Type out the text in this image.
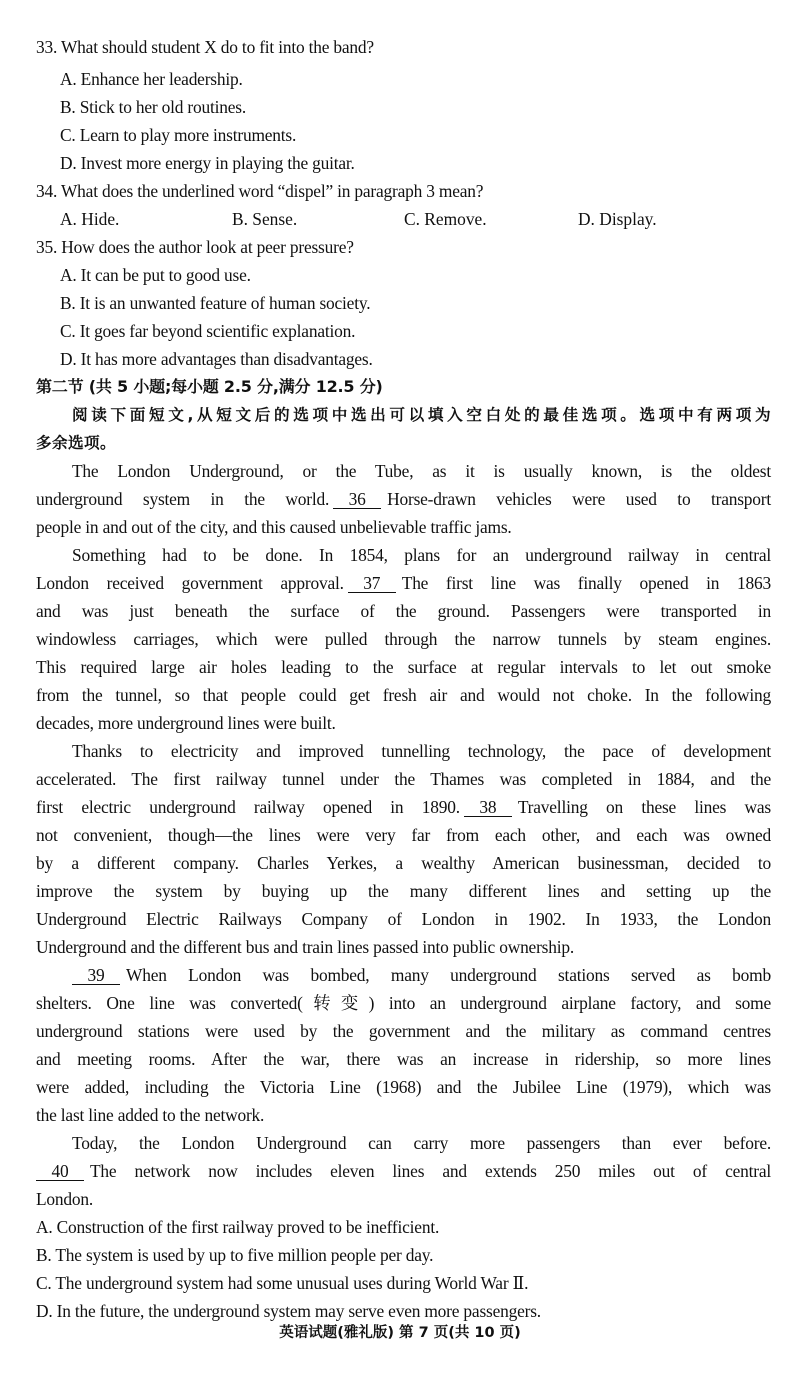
33. What should student X do to fit into the band?
A. Enhance her leadership.
B. Stick to her old routines.
C. Learn to play more instruments.
D. Invest more energy in playing the guitar.
34. What does the underlined word “dispel” in paragraph 3 mean?
A. Hide.	B. Sense.	C. Remove.	D. Display.
35. How does the author look at peer pressure?
A. It can be put to good use.
B. It is an unwanted feature of human society.
C. It goes far beyond scientific explanation.
D. It has more advantages than disadvantages.
第二节 (共 5 小题;每小题 2.5 分,满分 12.5 分)
阅读下面短文,从短文后的选项中选出可以填入空白处的最佳选项。选项中有两项为
多余选项。
The London Underground, or the Tube, as it is usually known, is the oldest
underground system in the world. 36 Horse-drawn vehicles were used to transport
people in and out of the city, and this caused unbelievable traffic jams.
Something had to be done. In 1854, plans for an underground railway in central
London received government approval. 37 The first line was finally opened in 1863
and was just beneath the surface of the ground. Passengers were transported in
windowless carriages, which were pulled through the narrow tunnels by steam engines.
This required large air holes leading to the surface at regular intervals to let out smoke
from the tunnel, so that people could get fresh air and would not choke. In the following
decades, more underground lines were built.
Thanks to electricity and improved tunnelling technology, the pace of development
accelerated. The first railway tunnel under the Thames was completed in 1884, and the
first electric underground railway opened in 1890. 38 Travelling on these lines was
not convenient, though—the lines were very far from each other, and each was owned
by a different company. Charles Yerkes, a wealthy American businessman, decided to
improve the system by buying up the many different lines and setting up the
Underground Electric Railways Company of London in 1902. In 1933, the London
Underground and the different bus and train lines passed into public ownership.
39 When London was bombed, many underground stations served as bomb
shelters. One line was converted(转变) into an underground airplane factory, and some
underground stations were used by the government and the military as command centres
and meeting rooms. After the war, there was an increase in ridership, so more lines
were added, including the Victoria Line (1968) and the Jubilee Line (1979), which was
the last line added to the network.
Today, the London Underground can carry more passengers than ever before.
40 The network now includes eleven lines and extends 250 miles out of central
London.
A. Construction of the first railway proved to be inefficient.
B. The system is used by up to five million people per day.
C. The underground system had some unusual uses during World War Ⅱ.
D. In the future, the underground system may serve even more passengers.
英语试题(雅礼版) 第 7 页(共 10 页)
